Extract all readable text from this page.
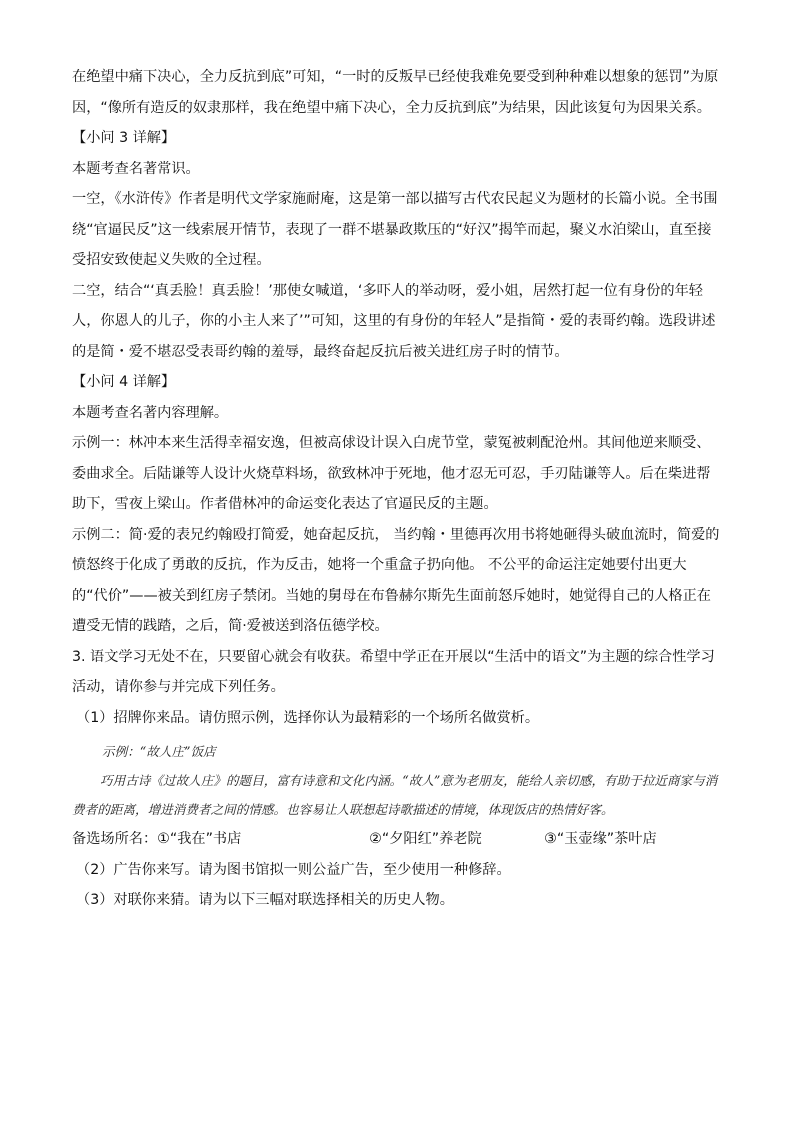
在绝望中痛下决心，全力反抗到底”可知，“一时的反叛早已经使我难免要受到种种难以想象的惩罚”为原因，“像所有造反的奴隶那样，我在绝望中痛下决心，全力反抗到底”为结果，因此该复句为因果关系。

【小问 3 详解】

本题考查名著常识。

一空，《水浒传》作者是明代文学家施耐庵，这是第一部以描写古代农民起义为题材的长篇小说。全书围绕“官逼民反”这一线索展开情节，表现了一群不堪暴政欺压的“好汉”揭竿而起，聚义水泊梁山，直至接受招安致使起义失败的全过程。

二空，结合“‘真丢脸！真丢脸！’那使女喊道，‘多吓人的举动呀，爱小姐，居然打起一位有身份的年轻人，你恩人的儿子，你的小主人来了’”可知，这里的有身份的年轻人”是指简・爱的表哥约翰。选段讲述的是简・爱不堪忍受表哥约翰的羞辱，最终奋起反抗后被关进红房子时的情节。

【小问 4 详解】

本题考查名著内容理解。

示例一：林冲本来生活得幸福安逸，但被高俅设计误入白虎节堂，蒙冤被刺配沧州。其间他逆来顺受、委曲求全。后陆谦等人设计火烧草料场，欲致林冲于死地，他才忍无可忍，手刃陆谦等人。后在柴进帮助下，雪夜上梁山。作者借林冲的命运变化表达了官逼民反的主题。

示例二：简·爱的表兄约翰殴打简爱，她奋起反抗， 当约翰・里德再次用书将她砸得头破血流时，简爱的愤怒终于化成了勇敢的反抗，作为反击，她将一个重盒子扔向他。 不公平的命运注定她要付出更大的“代价”——被关到红房子禁闭。当她的舅母在布鲁赫尔斯先生面前怒斥她时，她觉得自己的人格正在遭受无情的践踏，之后，简·爱被送到洛伍德学校。

3. 语文学习无处不在，只要留心就会有收获。希望中学正在开展以“生活中的语文”为主题的综合性学习活动，请你参与并完成下列任务。

（1）招牌你来品。请仿照示例，选择你认为最精彩的一个场所名做赏析。

示例：“故人庄”饭店

巧用古诗《过故人庄》的题目，富有诗意和文化内涵。“故人”意为老朋友，能给人亲切感，有助于拉近商家与消费者的距离，增进消费者之间的情感。也容易让人联想起诗歌描述的情境，体现饭店的热情好客。

备选场所名： ①“我在”书店	②“夕阳红”养老院	③“玉壶缘”茶叶店

（2）广告你来写。请为图书馆拟一则公益广告，至少使用一种修辞。

（3）对联你来猜。请为以下三幅对联选择相关的历史人物。
